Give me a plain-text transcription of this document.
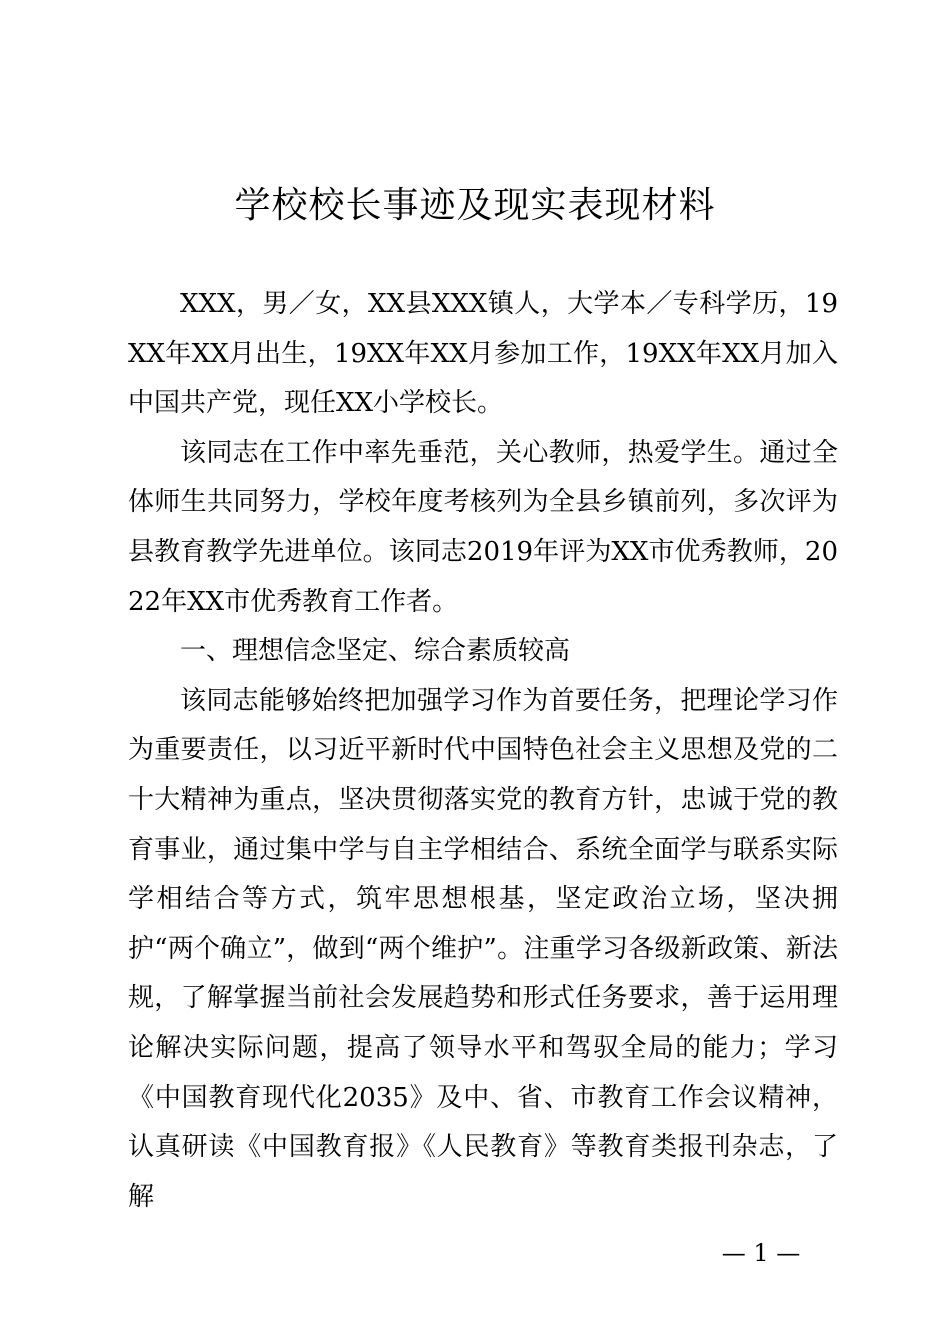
学校校长事迹及现实表现材料

XXX，男／女，XX县XXX镇人，大学本／专科学历，19XX年XX月出生，19XX年XX月参加工作，19XX年XX月加入中国共产党，现任XX小学校长。

该同志在工作中率先垂范，关心教师，热爱学生。通过全体师生共同努力，学校年度考核列为全县乡镇前列，多次评为县教育教学先进单位。该同志2019年评为XX市优秀教师，2022年XX市优秀教育工作者。

一、理想信念坚定、综合素质较高

该同志能够始终把加强学习作为首要任务，把理论学习作为重要责任，以习近平新时代中国特色社会主义思想及党的二十大精神为重点，坚决贯彻落实党的教育方针，忠诚于党的教育事业，通过集中学与自主学相结合、系统全面学与联系实际学相结合等方式，筑牢思想根基，坚定政治立场，坚决拥护“两个确立”，做到“两个维护”。注重学习各级新政策、新法规，了解掌握当前社会发展趋势和形式任务要求，善于运用理论解决实际问题，提高了领导水平和驾驭全局的能力；学习《中国教育现代化2035》及中、省、市教育工作会议精神，认真研读《中国教育报》《人民教育》等教育类报刊杂志，了解

— 1 —
